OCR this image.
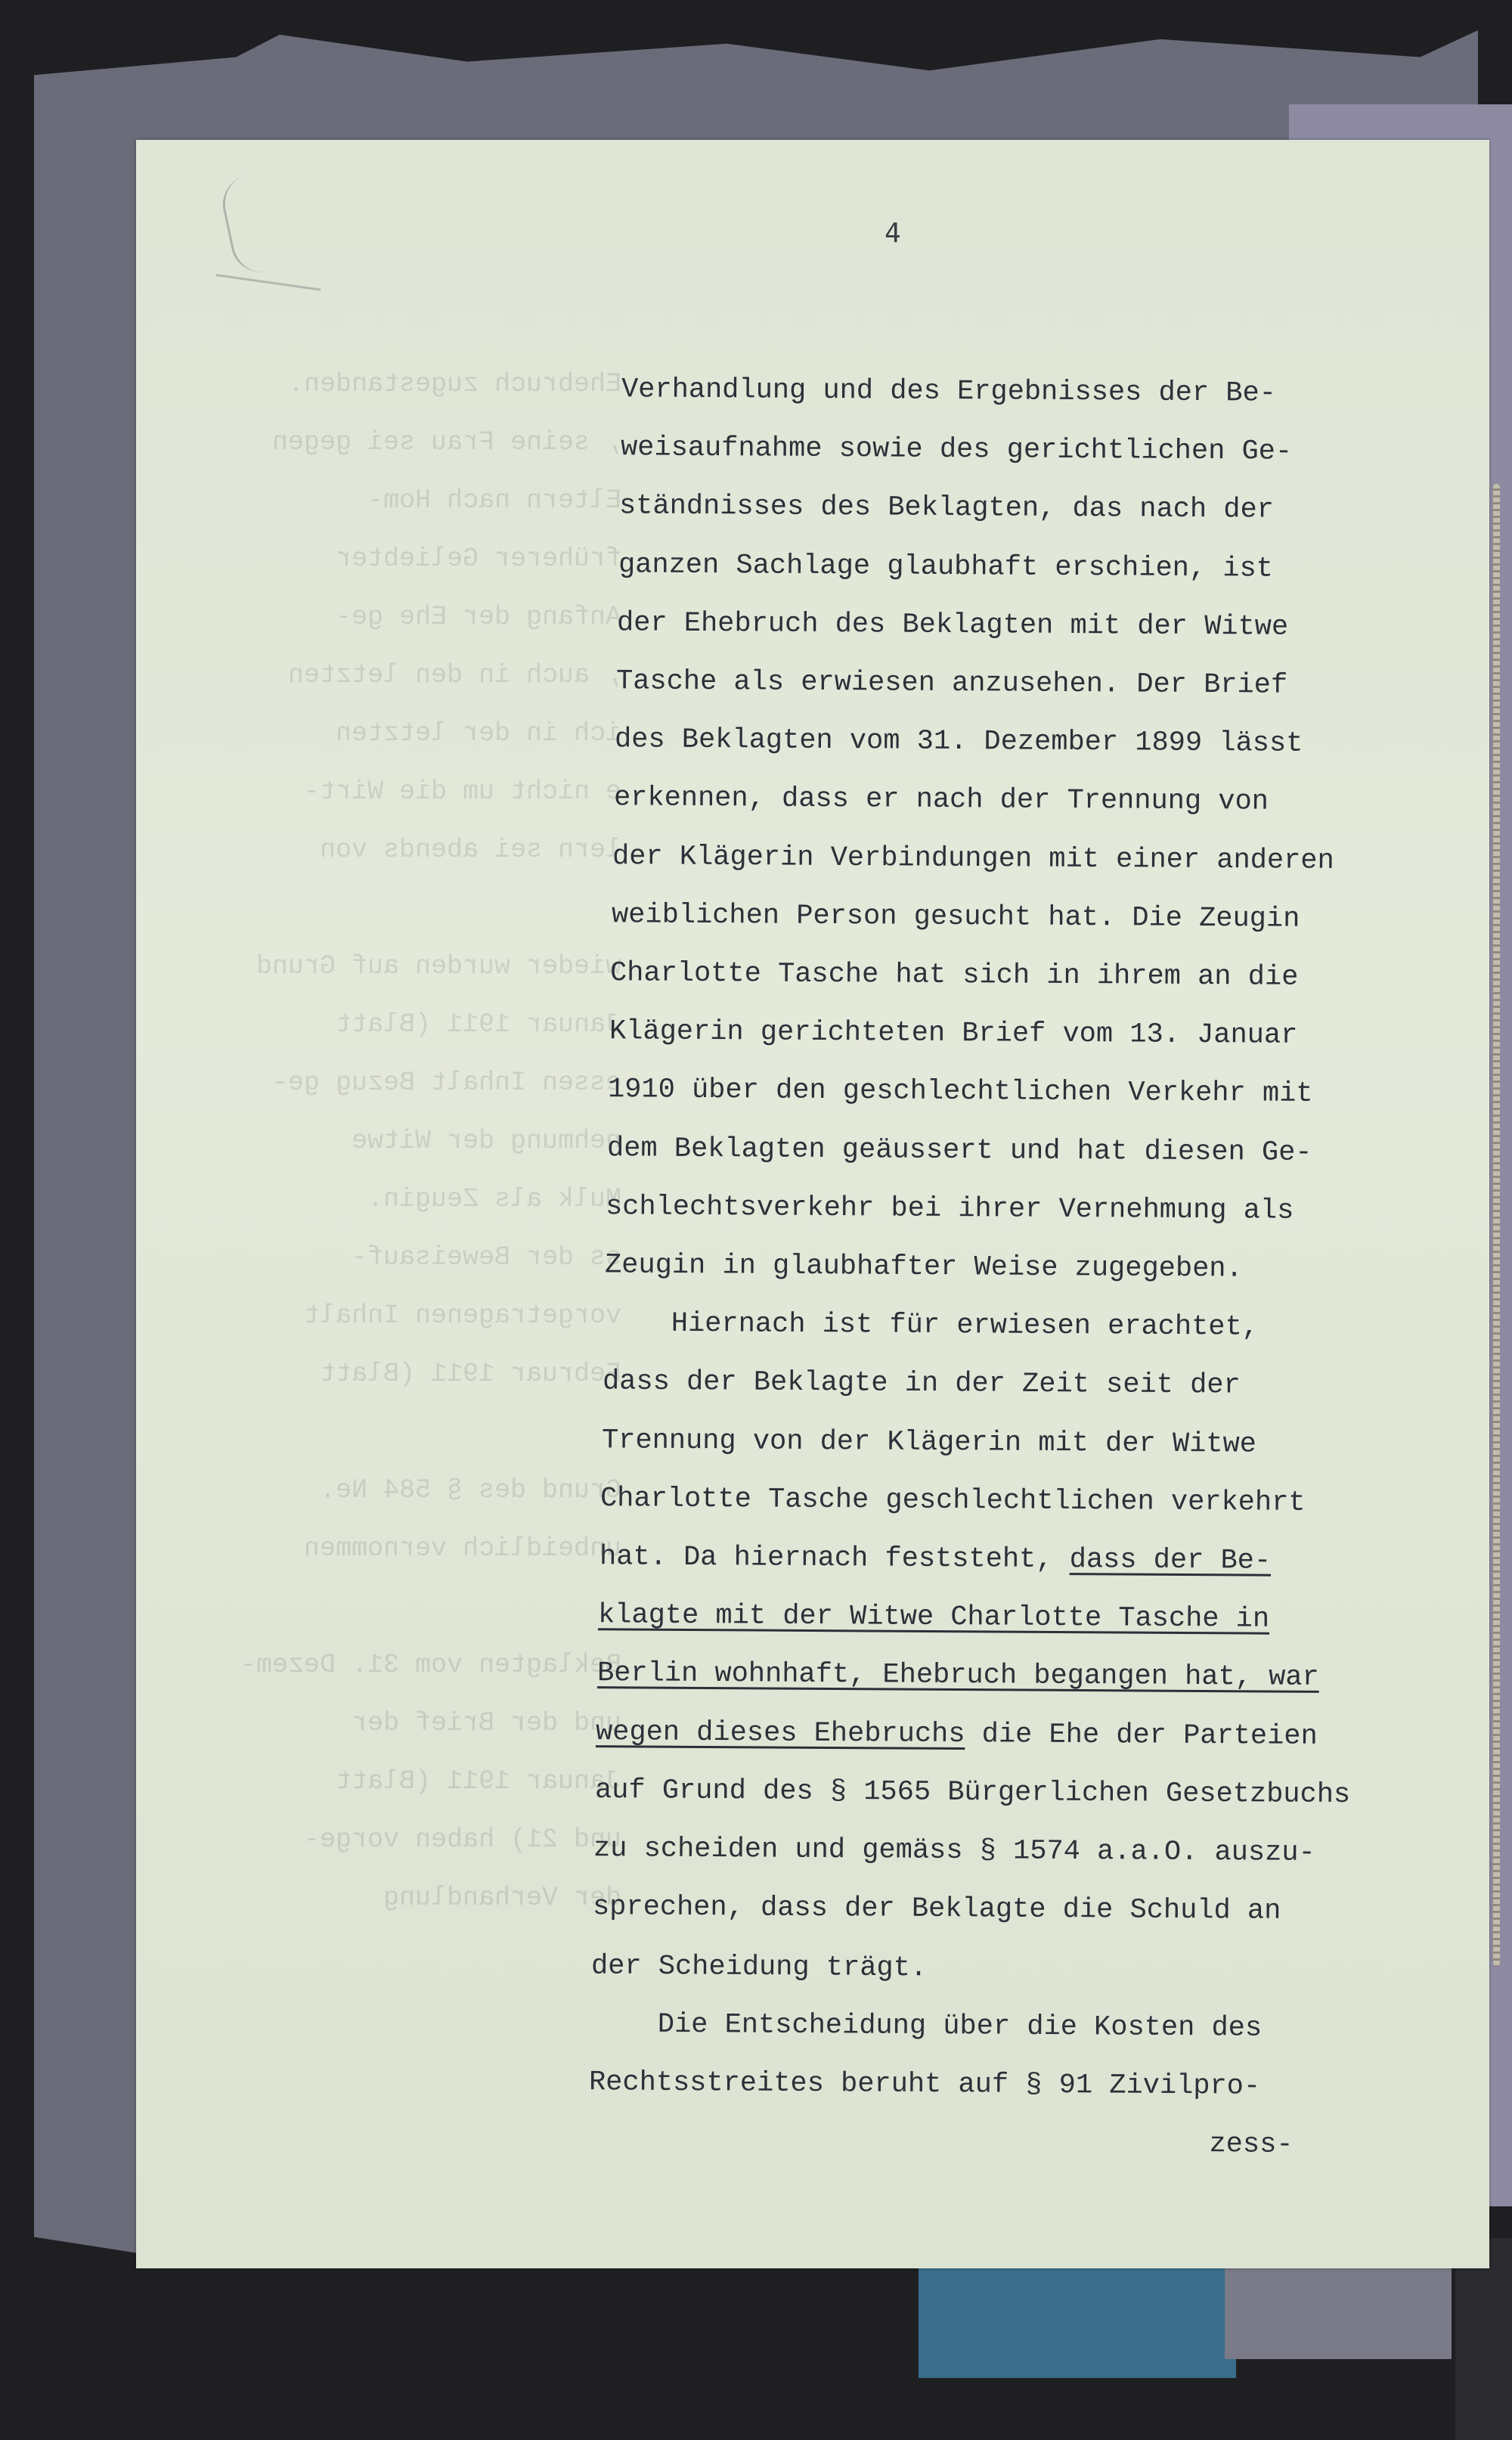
Ehebruch zugestanden.
, seine Frau sei gegen
Eltern nach Hom-
früherer Geliebter
Anfang der Ehe ge-
, auch in den letzten
ich in der letzten
e nicht um die Wirt-
lern sei abends von

wieder wurden auf Grund
Januar 1911 (Blatt
essen Inhalt Bezug ge-
nehmung der Witwe
Mulk als Zeugin.
ss der Beweisauf-
vorgetragenen Inhalt
Februar 1911 (Blatt

Grund des § 584 Ne.
unbeidlich vernommen

Beklagten vom 31. Dezem-
und der Brief der
Januar 1911 (Blatt
und 21) haben vorge-
der Verhandlung
4
Verhandlung und des Ergebnisses der Be-
weisaufnahme sowie des gerichtlichen Ge-
ständnisses des Beklagten, das nach der
ganzen Sachlage glaubhaft erschien, ist
der Ehebruch des Beklagten mit der Witwe
Tasche als erwiesen anzusehen. Der Brief
des Beklagten vom 31. Dezember 1899 lässt
erkennen, dass er nach der Trennung von
der Klägerin Verbindungen mit einer anderen
weiblichen Person gesucht hat. Die Zeugin
Charlotte Tasche hat sich in ihrem an die
Klägerin gerichteten Brief vom 13. Januar
1910 über den geschlechtlichen Verkehr mit
dem Beklagten geäussert und hat diesen Ge-
schlechtsverkehr bei ihrer Vernehmung als
Zeugin in glaubhafter Weise zugegeben.
Hiernach ist für erwiesen erachtet,
dass der Beklagte in der Zeit seit der
Trennung von der Klägerin mit der Witwe
Charlotte Tasche geschlechtlichen verkehrt
hat. Da hiernach feststeht, dass der Be-
klagte mit der Witwe Charlotte Tasche in
Berlin wohnhaft, Ehebruch begangen hat, war
wegen dieses Ehebruchs die Ehe der Parteien
auf Grund des § 1565 Bürgerlichen Gesetzbuchs
zu scheiden und gemäss § 1574 a.a.O. auszu-
sprechen, dass der Beklagte die Schuld an
der Scheidung trägt.
Die Entscheidung über die Kosten des
Rechtsstreites beruht auf § 91 Zivilpro-
zess-
